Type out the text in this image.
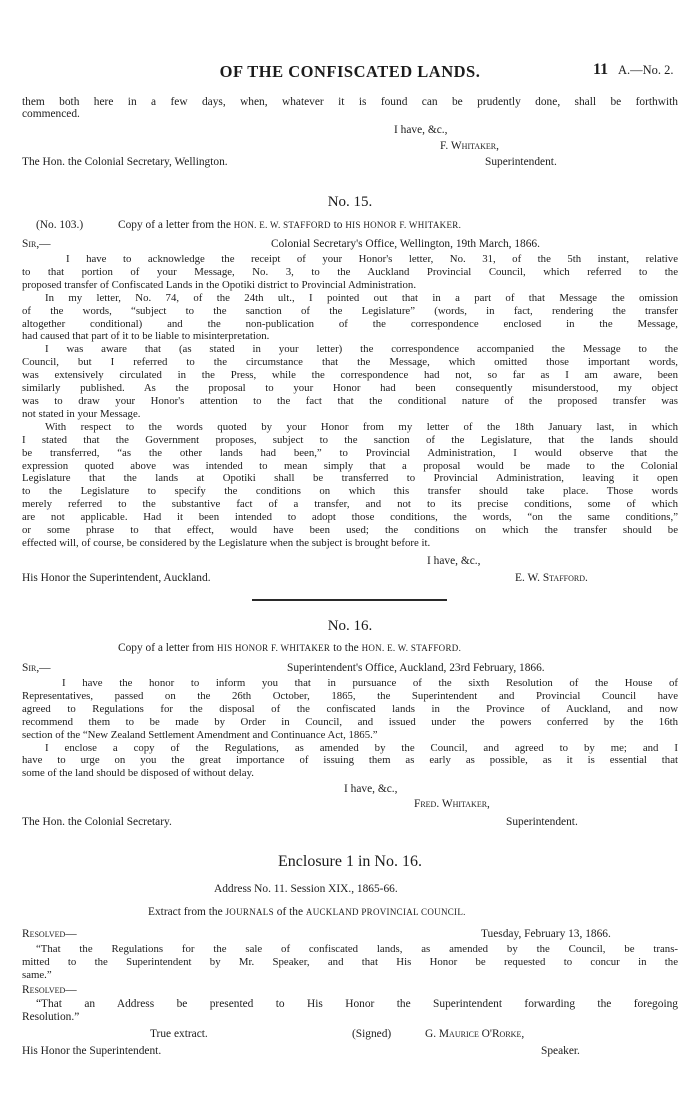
OF THE CONFISCATED LANDS.	11 A.—No. 2.
them both here in a few days, when, whatever it is found can be prudently done, shall be forthwith
commenced.
I have, &c.,
F. Whitaker,
The Hon. the Colonial Secretary, Wellington.	Superintendent.
No. 15.
(No. 103.)	Copy of a letter from the HON. E. W. STAFFORD to HIS HONOR F. WHITAKER.
Sir,—	Colonial Secretary's Office, Wellington, 19th March, 1866.
I have to acknowledge the receipt of your Honor's letter, No. 31, of the 5th instant, relative
to that portion of your Message, No. 3, to the Auckland Provincial Council, which referred to the
proposed transfer of Confiscated Lands in the Opotiki district to Provincial Administration.
In my letter, No. 74, of the 24th ult., I pointed out that in a part of that Message the omission
of the words, “subject to the sanction of the Legislature” (words, in fact, rendering the transfer
altogether conditional) and the non-publication of the correspondence enclosed in the Message,
had caused that part of it to be liable to misinterpretation.
I was aware that (as stated in your letter) the correspondence accompanied the Message to the
Council, but I referred to the circumstance that the Message, which omitted those important words,
was extensively circulated in the Press, while the correspondence had not, so far as I am aware, been
similarly published. As the proposal to your Honor had been consequently misunderstood, my object
was to draw your Honor's attention to the fact that the conditional nature of the proposed transfer was
not stated in your Message.
With respect to the words quoted by your Honor from my letter of the 18th January last, in which
I stated that the Government proposes, subject to the sanction of the Legislature, that the lands should
be transferred, “as the other lands had been,” to Provincial Administration, I would observe that the
expression quoted above was intended to mean simply that a proposal would be made to the Colonial
Legislature that the lands at Opotiki shall be transferred to Provincial Administration, leaving it open
to the Legislature to specify the conditions on which this transfer should take place. Those words
merely referred to the substantive fact of a transfer, and not to its precise conditions, some of which
are not applicable. Had it been intended to adopt those conditions, the words, “on the same conditions,”
or some phrase to that effect, would have been used; the conditions on which the transfer should be
effected will, of course, be considered by the Legislature when the subject is brought before it.
I have, &c.,
His Honor the Superintendent, Auckland.	E. W. Stafford.
No. 16.
Copy of a letter from HIS HONOR F. WHITAKER to the HON. E. W. STAFFORD.
Sir,—	Superintendent's Office, Auckland, 23rd February, 1866.
I have the honor to inform you that in pursuance of the sixth Resolution of the House of
Representatives, passed on the 26th October, 1865, the Superintendent and Provincial Council have
agreed to Regulations for the disposal of the confiscated lands in the Province of Auckland, and now
recommend them to be made by Order in Council, and issued under the powers conferred by the 16th
section of the “New Zealand Settlement Amendment and Continuance Act, 1865.”
I enclose a copy of the Regulations, as amended by the Council, and agreed to by me; and I
have to urge on you the great importance of issuing them as early as possible, as it is essential that
some of the land should be disposed of without delay.
I have, &c.,
Fred. Whitaker,
The Hon. the Colonial Secretary.	Superintendent.
Enclosure 1 in No. 16.
Address No. 11. Session XIX., 1865-66.
Extract from the JOURNALS of the AUCKLAND PROVINCIAL COUNCIL.
Resolved—	Tuesday, February 13, 1866.
“That the Regulations for the sale of confiscated lands, as amended by the Council, be trans-
mitted to the Superintendent by Mr. Speaker, and that His Honor be requested to concur in the
same.”
Resolved—
“That an Address be presented to His Honor the Superintendent forwarding the foregoing
Resolution.”
True extract.	(Signed)	G. Maurice O'Rorke,
His Honor the Superintendent.	Speaker.
